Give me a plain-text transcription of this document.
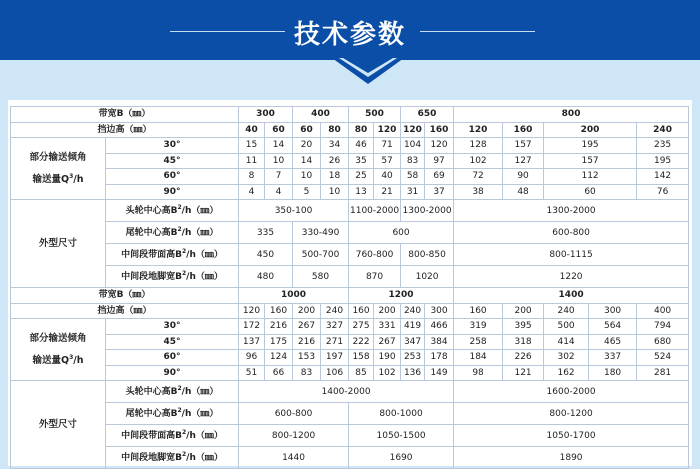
技术参数
带宽B（㎜）		300		400		500		650		800				
挡边高（㎜）		40	60	60	80	80	120	120	160	120	160	200		240

部分输送倾角
输送量$Q^3/h$	30°	15	14	20	34	46	71	104	120	128	157	195		235
	45°	11	10	14	26	35	57	83	97	102	127	157		195
	60°	8	7	10	18	25	40	58	69	72	90	112		142
	90°	4	4	5	10	13	21	31	37	38	48	60		76
外型尺寸	头轮中心高$B^2/h(㎜)$	350-100				1100-2000		1300-2000		1300-2000				
	尾轮中心高$B^2/h(㎜)$	335		330-490		600				600-800				
	中间段带面高$B^2/h(㎜)$	450		500-700		760-800		800-850		800-1115				
	中间段地脚宽$B^2/h(㎜)$	480		580		870		1020		1220				
带宽B（㎜）		1000				1200				1400				
挡边高（㎜）		120	160	200	240	160	200	240	300	160	200	240	300	400

部分输送倾角
输送量$Q^3/h$	30°	172	216	267	327	275	331	419	466	319	395	500	564	794
	45°	137	175	216	271	222	267	347	384	258	318	414	465	680
	60°	96	124	153	197	158	190	253	178	184	226	302	337	524
	90°	51	66	83	106	85	102	136	149	98	121	162	180	281
外型尺寸	头轮中心高$B^2/h(㎜)$	1400-2000								1600-2000				
	尾轮中心高$B^2/h(㎜)$	600-800				800-1000				800-1200				
	中间段带面高$B^2/h(㎜)$	800-1200				1050-1500				1050-1700				
	中间段地脚宽$B^2/h(㎜)$	1440				1690				1890				
